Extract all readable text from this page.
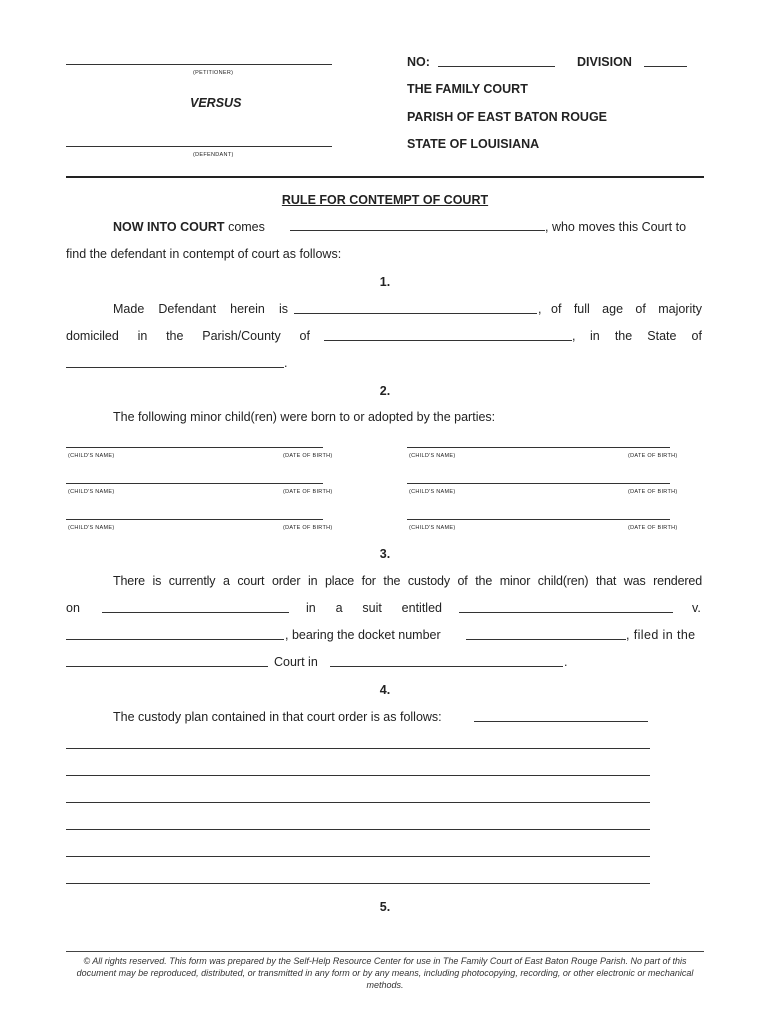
(PETITIONER)
VERSUS
(DEFENDANT)
NO:	DIVISION
THE FAMILY COURT
PARISH OF EAST BATON ROUGE
STATE OF LOUISIANA
RULE FOR CONTEMPT OF COURT
NOW INTO COURT comes	, who moves this Court to
find the defendant in contempt of court as follows:
1.
Made Defendant herein is	, of full age of majority
domiciled in the Parish/County of	, in the State of
.
2.
The following minor child(ren) were born to or adopted by the parties:
(CHILD'S NAME)	(DATE OF BIRTH)	(CHILD'S NAME)	(DATE OF BIRTH)
(CHILD'S NAME)	(DATE OF BIRTH)	(CHILD'S NAME)	(DATE OF BIRTH)
(CHILD'S NAME)	(DATE OF BIRTH)	(CHILD'S NAME)	(DATE OF BIRTH)
3.
There is currently a court order in place for the custody of the minor child(ren) that was rendered
on	in a suit entitled	v.
, bearing the docket number	, filed in the
Court in	.
4.
The custody plan contained in that court order is as follows:
5.
© All rights reserved. This form was prepared by the Self-Help Resource Center for use in The Family Court of East Baton Rouge Parish. No part of this document may be reproduced, distributed, or transmitted in any form or by any means, including photocopying, recording, or other electronic or mechanical methods.
